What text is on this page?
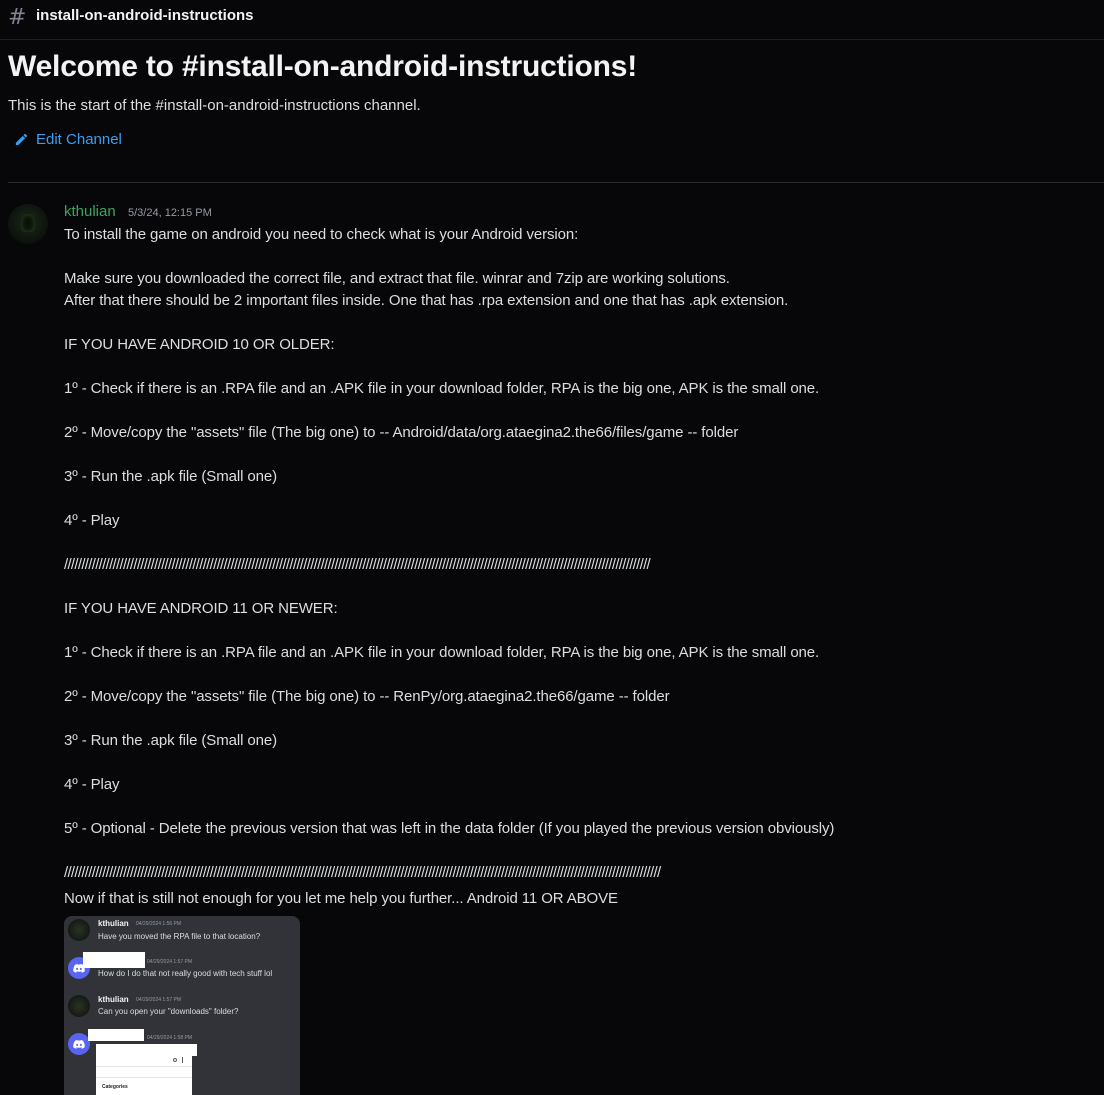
# install-on-android-instructions
Welcome to #install-on-android-instructions!
This is the start of the #install-on-android-instructions channel.
Edit Channel
kthulian 5/3/24, 12:15 PM
To install the game on android you need to check what is your Android version:
Make sure you downloaded the correct file, and extract that file. winrar and 7zip are working solutions.
After that there should be 2 important files inside. One that has .rpa extension and one that has .apk extension.
IF YOU HAVE ANDROID 10 OR OLDER:
1º - Check if there is an .RPA file and an .APK file in your download folder, RPA is the big one, APK is the small one.
2º - Move/copy the "assets" file (The big one) to -- Android/data/org.ataegina2.the66/files/game -- folder
3º - Run the .apk file (Small one)
4º - Play
/////////////////////////////////////////////////////////////////////////////////////////////////////////////////////////////////////////////////////////////////////////
IF YOU HAVE ANDROID 11 OR NEWER:
1º - Check if there is an .RPA file and an .APK file in your download folder, RPA is the big one, APK is the small one.
2º - Move/copy the "assets" file (The big one) to -- RenPy/org.ataegina2.the66/game -- folder
3º - Run the .apk file (Small one)
4º - Play
5º - Optional - Delete the previous version that was left in the data folder (If you played the previous version obviously)
////////////////////////////////////////////////////////////////////////////////////////////////////////////////////////////////////////////////////////////////////////////
Now if that is still not enough for you let me help you further... Android 11 OR ABOVE
kthulian 04/29/2024 1:56 PM
Have you moved the RPA file to that location?
04/29/2024 1:57 PM
How do I do that not really good with tech stuff lol
kthulian 04/29/2024 1:57 PM
Can you open your "downloads" folder?
04/29/2024 1:58 PM
Categories
